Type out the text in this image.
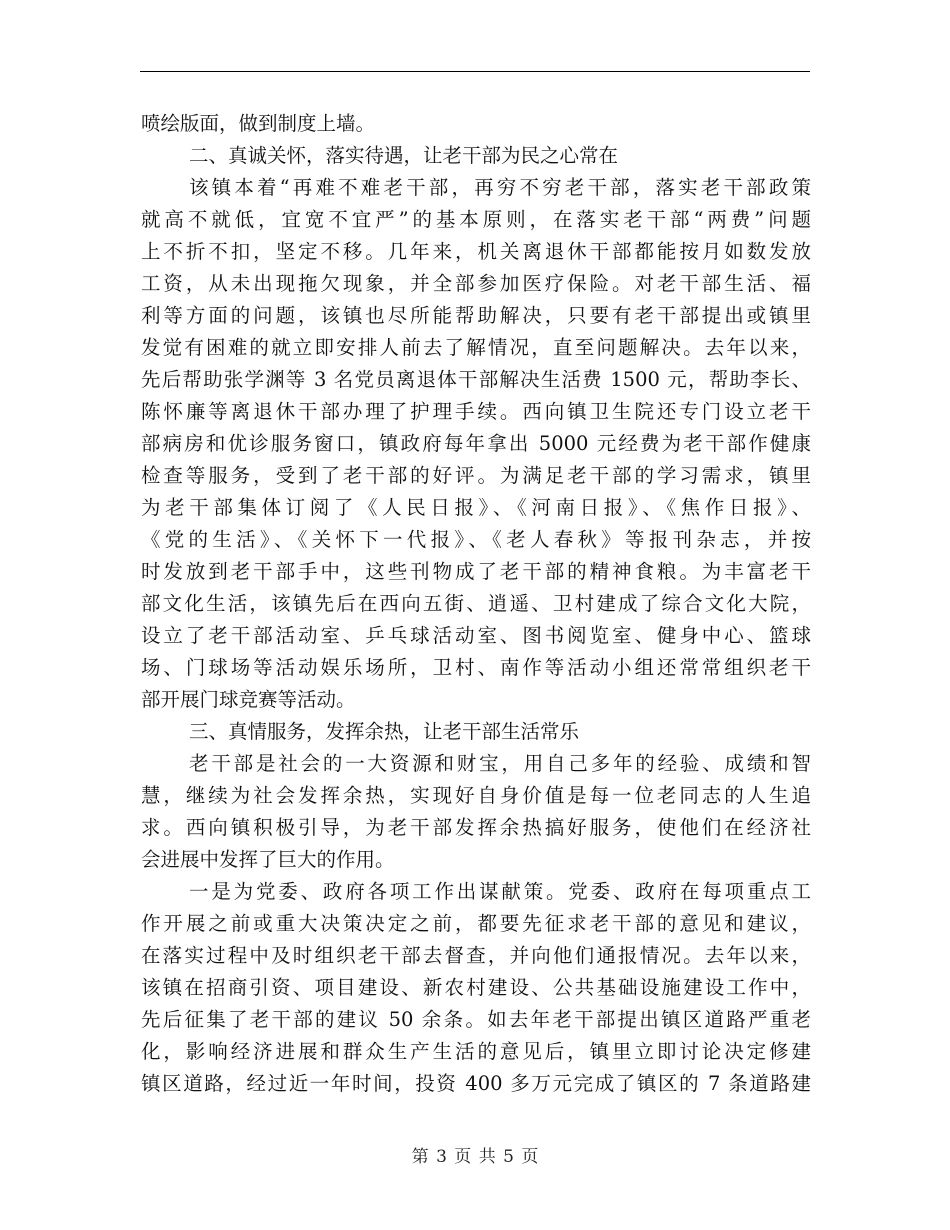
喷绘版面，做到制度上墙。
二、真诚关怀，落实待遇，让老干部为民之心常在
该镇本着“再难不难老干部，再穷不穷老干部，落实老干部政策
就高不就低，宜宽不宜严”的基本原则，在落实老干部“两费”问题
上不折不扣，坚定不移。几年来，机关离退休干部都能按月如数发放
工资，从未出现拖欠现象，并全部参加医疗保险。对老干部生活、福
利等方面的问题，该镇也尽所能帮助解决，只要有老干部提出或镇里
发觉有困难的就立即安排人前去了解情况，直至问题解决。去年以来，
先后帮助张学渊等 3 名党员离退体干部解决生活费 1500 元，帮助李长、
陈怀廉等离退休干部办理了护理手续。西向镇卫生院还专门设立老干
部病房和优诊服务窗口，镇政府每年拿出 5000 元经费为老干部作健康
检查等服务，受到了老干部的好评。为满足老干部的学习需求，镇里
为老干部集体订阅了《人民日报》、《河南日报》、《焦作日报》、
《党的生活》、《关怀下一代报》、《老人春秋》等报刊杂志，并按
时发放到老干部手中，这些刊物成了老干部的精神食粮。为丰富老干
部文化生活，该镇先后在西向五街、逍遥、卫村建成了综合文化大院，
设立了老干部活动室、乒乓球活动室、图书阅览室、健身中心、篮球
场、门球场等活动娱乐场所，卫村、南作等活动小组还常常组织老干
部开展门球竞赛等活动。
三、真情服务，发挥余热，让老干部生活常乐
老干部是社会的一大资源和财宝，用自己多年的经验、成绩和智
慧，继续为社会发挥余热，实现好自身价值是每一位老同志的人生追
求。西向镇积极引导，为老干部发挥余热搞好服务，使他们在经济社
会进展中发挥了巨大的作用。
一是为党委、政府各项工作出谋献策。党委、政府在每项重点工
作开展之前或重大决策决定之前，都要先征求老干部的意见和建议，
在落实过程中及时组织老干部去督查，并向他们通报情况。去年以来，
该镇在招商引资、项目建设、新农村建设、公共基础设施建设工作中，
先后征集了老干部的建议 50 余条。如去年老干部提出镇区道路严重老
化，影响经济进展和群众生产生活的意见后，镇里立即讨论决定修建
镇区道路，经过近一年时间，投资 400 多万元完成了镇区的 7 条道路建
第 3 页 共 5 页
